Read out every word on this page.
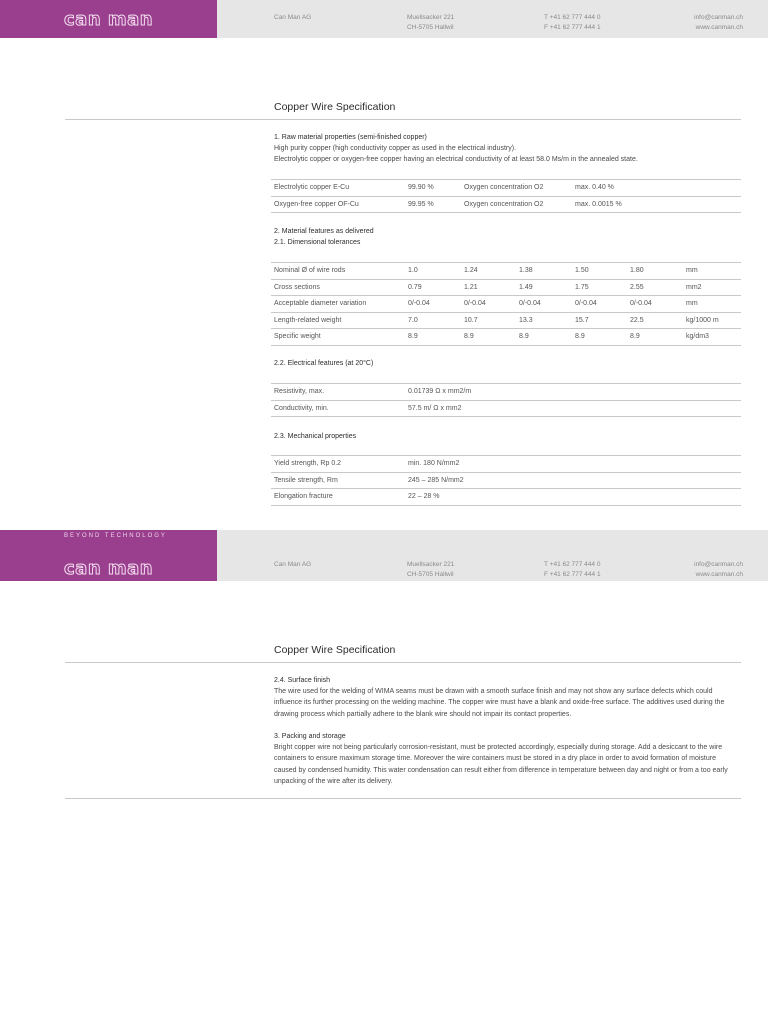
can man	Can Man AG	Muellsacker 221
CH-5705 Hallwil
T +41 62 777 444 0
F +41 62 777 444 1
info@canman.ch
www.canman.ch
Copper Wire Specification
1. Raw material properties (semi-finished copper)
High purity copper (high conductivity copper as used in the electrical industry).
Electrolytic copper or oxygen-free copper having an electrical conductivity of at least 58.0 Ms/m in the annealed state.
Electrolytic copper E-Cu	99.90 %	Oxygen concentration O2	max. 0.40 %
Oxygen-free copper OF-Cu	99.95 %	Oxygen concentration O2	max. 0.0015 %
2. Material features as delivered
2.1. Dimensional tolerances
Nominal Ø of wire rods	1.0	1.24	1.38	1.50	1.80	mm
Cross sections	0.79	1.21	1.49	1.75	2.55	mm2
Acceptable diameter variation	0/-0.04	0/-0.04	0/-0.04	0/-0.04	0/-0.04	mm
Length-related weight	7.0	10.7	13.3	15.7	22.5	kg/1000 m
Specific weight	8.9	8.9	8.9	8.9	8.9	kg/dm3
2.2. Electrical features (at 20°C)
Resistivity, max.	0.01739 Ω x mm2/m
Conductivity, min.	57.5 m/ Ω x mm2
2.3. Mechanical properties
Yield strength, Rp 0.2	min. 180 N/mm2
Tensile strength, Rm	245 – 285 N/mm2
Elongation fracture	22 – 28 %
BEYOND TECHNOLOGY
can man	Can Man AG	Muellsacker 221
CH-5705 Hallwil
T +41 62 777 444 0
F +41 62 777 444 1
info@canman.ch
www.canman.ch
Copper Wire Specification
2.4. Surface finish
The wire used for the welding of WIMA seams must be drawn with a smooth surface finish and may not show any surface defects which could influence its further processing on the welding machine. The copper wire must have a blank and oxide-free surface. The additives used during the drawing process which partially adhere to the blank wire should not impair its contact properties.
3. Packing and storage
Bright copper wire not being particularly corrosion-resistant, must be protected accordingly, especially during storage. Add a desiccant to the wire containers to ensure maximum storage time. Moreover the wire containers must be stored in a dry place in order to avoid formation of moisture caused by condensed humidity. This water condensation can result either from difference in temperature between day and night or from a too early unpacking of the wire after its delivery.
